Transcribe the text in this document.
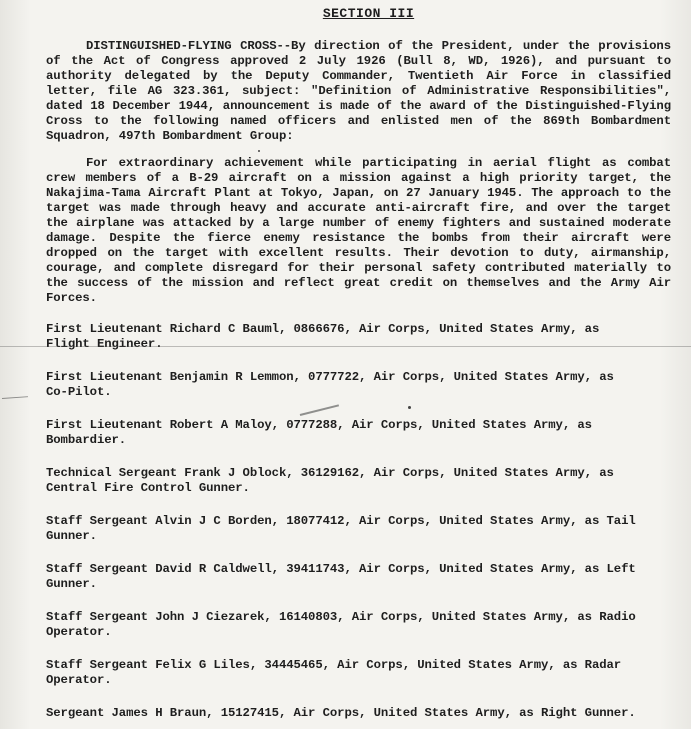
SECTION III

DISTINGUISHED-FLYING CROSS--By direction of the President, under the provisions of the Act of Congress approved 2 July 1926 (Bull 8, WD, 1926), and pursuant to authority delegated by the Deputy Commander, Twentieth Air Force in classified letter, file AG 323.361, subject: "Definition of Administrative Responsibilities", dated 18 December 1944, announcement is made of the award of the Distinguished-Flying Cross to the following named officers and enlisted men of the 869th Bombardment Squadron, 497th Bombardment Group:

For extraordinary achievement while participating in aerial flight as combat crew members of a B-29 aircraft on a mission against a high priority target, the Nakajima-Tama Aircraft Plant at Tokyo, Japan, on 27 January 1945. The approach to the target was made through heavy and accurate anti-aircraft fire, and over the target the airplane was attacked by a large number of enemy fighters and sustained moderate damage. Despite the fierce enemy resistance the bombs from their aircraft were dropped on the target with excellent results. Their devotion to duty, airmanship, courage, and complete disregard for their personal safety contributed materially to the success of the mission and reflect great credit on themselves and the Army Air Forces.

First Lieutenant Richard C Bauml, 0866676, Air Corps, United States Army, as Flight Engineer.
First Lieutenant Benjamin R Lemmon, 0777722, Air Corps, United States Army, as Co-Pilot.
First Lieutenant Robert A Maloy, 0777288, Air Corps, United States Army, as Bombardier.
Technical Sergeant Frank J Oblock, 36129162, Air Corps, United States Army, as Central Fire Control Gunner.
Staff Sergeant Alvin J C Borden, 18077412, Air Corps, United States Army, as Tail Gunner.
Staff Sergeant David R Caldwell, 39411743, Air Corps, United States Army, as Left Gunner.
Staff Sergeant John J Ciezarek, 16140803, Air Corps, United States Army, as Radio Operator.
Staff Sergeant Felix G Liles, 34445465, Air Corps, United States Army, as Radar Operator.
Sergeant James H Braun, 15127415, Air Corps, United States Army, as Right Gunner.
